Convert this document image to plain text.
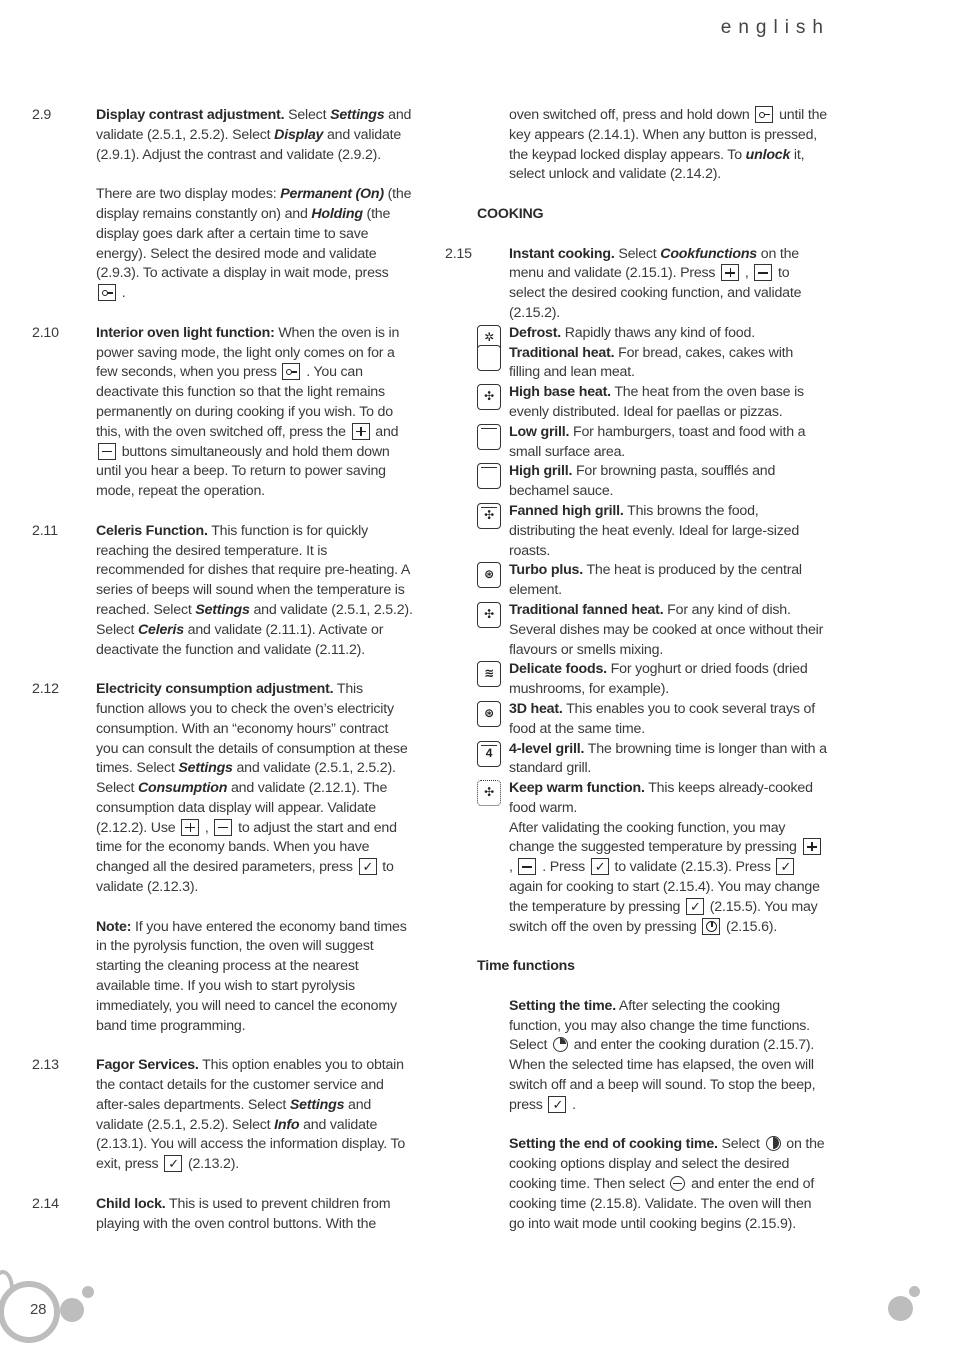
english

2.9	Display contrast adjustment. Select Settings and validate (2.5.1, 2.5.2). Select Display and validate (2.9.1). Adjust the contrast and validate (2.9.2).

There are two display modes: Permanent (On) (the display remains constantly on) and Holding (the display goes dark after a certain time to save energy). Select the desired mode and validate (2.9.3). To activate a display in wait mode, press  .

2.10	Interior oven light function: When the oven is in power saving mode, the light only comes on for a few seconds, when you press  . You can deactivate this function so that the light remains permanently on during cooking if you wish. To do this, with the oven switched off, press the  and  buttons simultaneously and hold them down until you hear a beep. To return to power saving mode, repeat the operation.

2.11	Celeris Function. This function is for quickly reaching the desired temperature. It is recommended for dishes that require pre-heating. A series of beeps will sound when the temperature is reached. Select Settings and validate (2.5.1, 2.5.2). Select Celeris and validate (2.11.1). Activate or deactivate the function and validate (2.11.2).

2.12	Electricity consumption adjustment. This function allows you to check the oven’s electricity consumption. With an “economy hours” contract you can consult the details of consumption at these times. Select Settings and validate (2.5.1, 2.5.2). Select Consumption and validate (2.12.1). The consumption data display will appear. Validate (2.12.2). Use  ,  to adjust the start and end time for the economy bands. When you have changed all the desired parameters, press ✓ to validate (2.12.3).

Note: If you have entered the economy band times in the pyrolysis function, the oven will suggest starting the cleaning process at the nearest available time. If you wish to start pyrolysis immediately, you will need to cancel the economy band time programming.

2.13	Fagor Services. This option enables you to obtain the contact details for the customer service and after-sales departments. Select Settings and validate (2.5.1, 2.5.2). Select Info and validate (2.13.1). You will access the information display. To exit, press ✓ (2.13.2).

2.14	Child lock. This is used to prevent children from playing with the oven control buttons. With the

oven switched off, press and hold down  until the key appears (2.14.1). When any button is pressed, the keypad locked display appears. To unlock it, select unlock and validate (2.14.2).

COOKING

2.15	Instant cooking. Select Cookfunctions on the menu and validate (2.15.1). Press  ,  to select the desired cooking function, and validate (2.15.2).

✲	Defrost. Rapidly thaws any kind of food.
Traditional heat. For bread, cakes, cakes with filling and lean meat.
✣	High base heat. The heat from the oven base is evenly distributed. Ideal for paellas or pizzas.
Low grill. For hamburgers, toast and food with a small surface area.
High grill. For browning pasta, soufflés and bechamel sauce.
✣	Fanned high grill. This browns the food, distributing the heat evenly. Ideal for large-sized roasts.
⊛	Turbo plus. The heat is produced by the central element.
✣	Traditional fanned heat. For any kind of dish. Several dishes may be cooked at once without their flavours or smells mixing.
≋	Delicate foods. For yoghurt or dried foods (dried mushrooms, for example).
⊛	3D heat. This enables you to cook several trays of food at the same time.
4	4-level grill. The browning time is longer than with a standard grill.
✣	Keep warm function. This keeps already-cooked food warm.

After validating the cooking function, you may change the suggested temperature by pressing  ,  . Press ✓ to validate (2.15.3). Press ✓ again for cooking to start (2.15.4). You may change the temperature by pressing ✓ (2.15.5). You may switch off the oven by pressing  (2.15.6).

Time functions

Setting the time. After selecting the cooking function, you may also change the time functions. Select  and enter the cooking duration (2.15.7). When the selected time has elapsed, the oven will switch off and a beep will sound. To stop the beep, press ✓ .

Setting the end of cooking time. Select  on the cooking options display and select the desired cooking time. Then select  and enter the end of cooking time (2.15.8). Validate. The oven will then go into wait mode until cooking begins (2.15.9).

28
